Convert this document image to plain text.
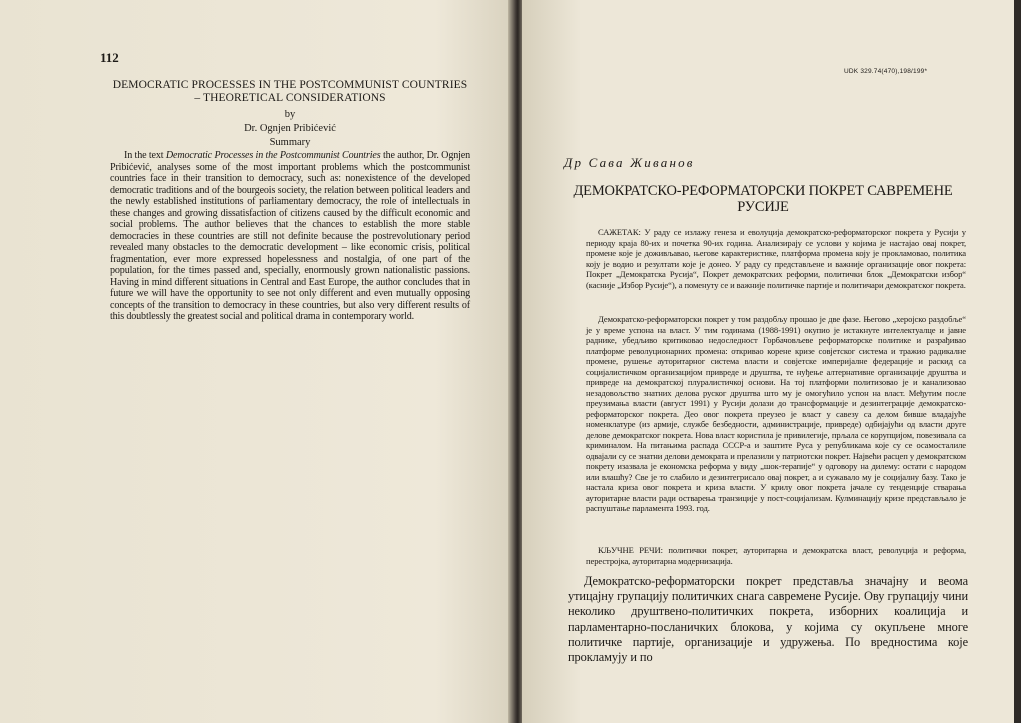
112

DEMOCRATIC PROCESSES IN THE POSTCOMMUNIST COUNTRIES – THEORETICAL CONSIDERATIONS

by

Dr. Ognjen Pribićević

Summary

In the text Democratic Processes in the Postcommunist Countries the author, Dr. Ognjen Pribićević, analyses some of the most important problems which the postcommunist countries face in their transition to democracy, such as: nonexistence of the developed democratic traditions and of the bourgeois society, the relation between political leaders and the newly established institutions of parliamentary democracy, the role of intellectuals in these changes and growing dissatisfaction of citizens caused by the difficult economic and social problems. The author believes that the chances to establish the more stable democracies in these countries are still not definite because the postrevolutionary period revealed many obstacles to the democratic development – like economic crisis, political fragmentation, ever more expressed hopelessness and nostalgia, of one part of the population, for the times passed and, specially, enormously grown nationalistic passions. Having in mind different situations in Central and East Europe, the author concludes that in future we will have the opportunity to see not only different and even mutually opposing concepts of the transition to democracy in these countries, but also very different results of this doubtlessly the greatest social and political drama in contemporary world.

UDK 329.74(470),198/199*

Др Сава Живанов

ДЕМОКРАТСКО-РЕФОРМАТОРСКИ ПОКРЕТ САВРЕМЕНЕ РУСИЈЕ

САЖЕТАК: У раду се излажу генеза и еволуција демократско-реформаторског покрета у Русији у периоду краја 80-их и почетка 90-их година. Анализирају се услови у којима је настајао овај покрет, промене које је доживљавао, његове карактеристике, платформа промена коју је прокламовао, политика коју је водио и резултати које је донео. У раду су представљене и важније организације овог покрета: Покрет „Демократска Русија“, Покрет демократских реформи, политички блок „Демократски избор“ (касније „Избор Русије“), а поменуту се и важније политичке партије и политичари демократског покрета.

Демократско-реформаторски покрет у том раздобљу прошао је две фазе. Његово „херојско раздобље“ је у време успона на власт. У тим годинама (1988-1991) окупио је истакнуте интелектуалце и јавне раднике, убедљиво критиковао недоследност Горбачовљеве реформаторске политике и разрађивао платформе револуционарних промена: откривао корене кризе совјетског система и тражио радикалне промене, рушење ауторитарног система власти и совјетске империјалне федерације и раскид са социјалистичком организацијом привреде и друштва, те нуђење алтернативне организације друштва и привреде на демократској плуралистичкој основи. На тој платформи политизовао је и канализовао незадовољство знатних делова руског друштва што му је омогућило успон на власт. Међутим после преузимања власти (август 1991) у Русији долази до трансформације и дезинтеграције демократско-реформаторског покрета. Део овог покрета преузео је власт у савезу са делом бивше владајуће номенклатуре (из армије, службе безбедности, администрације, привреде) одбијајући од власти друге делове демократског покрета. Нова власт користила је привилегије, прљала се корупцијом, повезивала са криминалом. На питањима распада СССР-а и заштите Руса у републикама које су се осамосталиле одвајали су се знатни делови демократа и прелазили у патриотски покрет. Највећи расцеп у демократском покрету изазвала је економска реформа у виду „шок-терапије“ у одговору на дилему: остати с народом или влашћу? Све је то слабило и дезинтегрисало овај покрет, а и сужавало му је социјалну базу. Тако је настала криза овог покрета и криза власти. У крилу овог покрета јачале су тенденције стварања ауторитарне власти ради остварења транзиције у пост-социјализам. Кулминацију кризе представљало је распуштање парламента 1993. год.

КЉУЧНЕ РЕЧИ: политички покрет, ауторитарна и демократска власт, револуција и реформа, перестројка, ауторитарна модернизација.

Демократско-реформаторски покрет представља значајну и веома утицајну групацију политичких снага савремене Русије. Ову групацију чини неколико друштвено-политичких покрета, изборних коалиција и парламентарно-посланичких блокова, у којима су окупљене многе политичке партије, организације и удружења. По вредностима које прокламују и по
